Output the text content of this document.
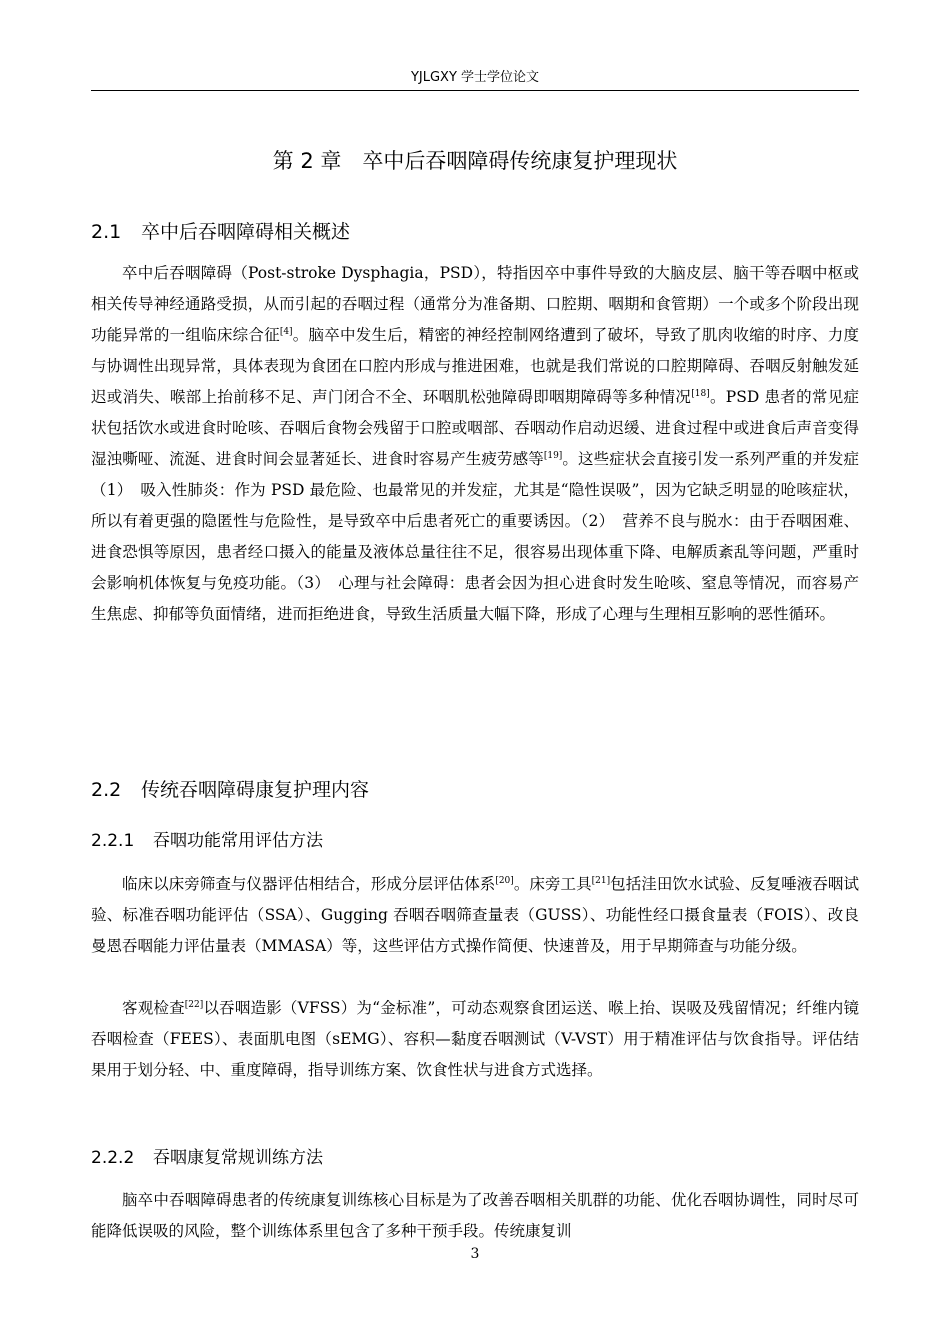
YJLGXY 学士学位论文
第 2 章　卒中后吞咽障碍传统康复护理现状
2.1 卒中后吞咽障碍相关概述

卒中后吞咽障碍（Post-stroke Dysphagia，PSD），特指因卒中事件导致的大脑皮层、脑干等吞咽中枢或相关传导神经通路受损，从而引起的吞咽过程（通常分为准备期、口腔期、咽期和食管期）一个或多个阶段出现功能异常的一组临床综合征[4]。脑卒中发生后，精密的神经控制网络遭到了破坏，导致了肌肉收缩的时序、力度与协调性出现异常，具体表现为食团在口腔内形成与推进困难，也就是我们常说的口腔期障碍、吞咽反射触发延迟或消失、喉部上抬前移不足、声门闭合不全、环咽肌松弛障碍即咽期障碍等多种情况[18]。PSD 患者的常见症状包括饮水或进食时呛咳、吞咽后食物会残留于口腔或咽部、吞咽动作启动迟缓、进食过程中或进食后声音变得湿浊嘶哑、流涎、进食时间会显著延长、进食时容易产生疲劳感等[19]。这些症状会直接引发一系列严重的并发症（1）　吸入性肺炎：作为 PSD 最危险、也最常见的并发症，尤其是“隐性误吸”，因为它缺乏明显的呛咳症状，所以有着更强的隐匿性与危险性，是导致卒中后患者死亡的重要诱因。（2）　营养不良与脱水：由于吞咽困难、进食恐惧等原因，患者经口摄入的能量及液体总量往往不足，很容易出现体重下降、电解质紊乱等问题，严重时会影响机体恢复与免疫功能。（3）　心理与社会障碍：患者会因为担心进食时发生呛咳、窒息等情况，而容易产生焦虑、抑郁等负面情绪，进而拒绝进食，导致生活质量大幅下降，形成了心理与生理相互影响的恶性循环。

2.2 传统吞咽障碍康复护理内容
2.2.1 吞咽功能常用评估方法

临床以床旁筛查与仪器评估相结合，形成分层评估体系[20]。床旁工具[21]包括洼田饮水试验、反复唾液吞咽试验、标准吞咽功能评估（SSA）、Gugging 吞咽吞咽筛查量表（GUSS）、功能性经口摄食量表（FOIS）、改良曼恩吞咽能力评估量表（MMASA）等，这些评估方式操作简便、快速普及，用于早期筛查与功能分级。

客观检查[22]以吞咽造影（VFSS）为“金标准”，可动态观察食团运送、喉上抬、误吸及残留情况；纤维内镜吞咽检查（FEES）、表面肌电图（sEMG）、容积—黏度吞咽测试（V-VST）用于精准评估与饮食指导。评估结果用于划分轻、中、重度障碍，指导训练方案、饮食性状与进食方式选择。

2.2.2 吞咽康复常规训练方法

脑卒中吞咽障碍患者的传统康复训练核心目标是为了改善吞咽相关肌群的功能、优化吞咽协调性，同时尽可能降低误吸的风险，整个训练体系里包含了多种干预手段。传统康复训

3
